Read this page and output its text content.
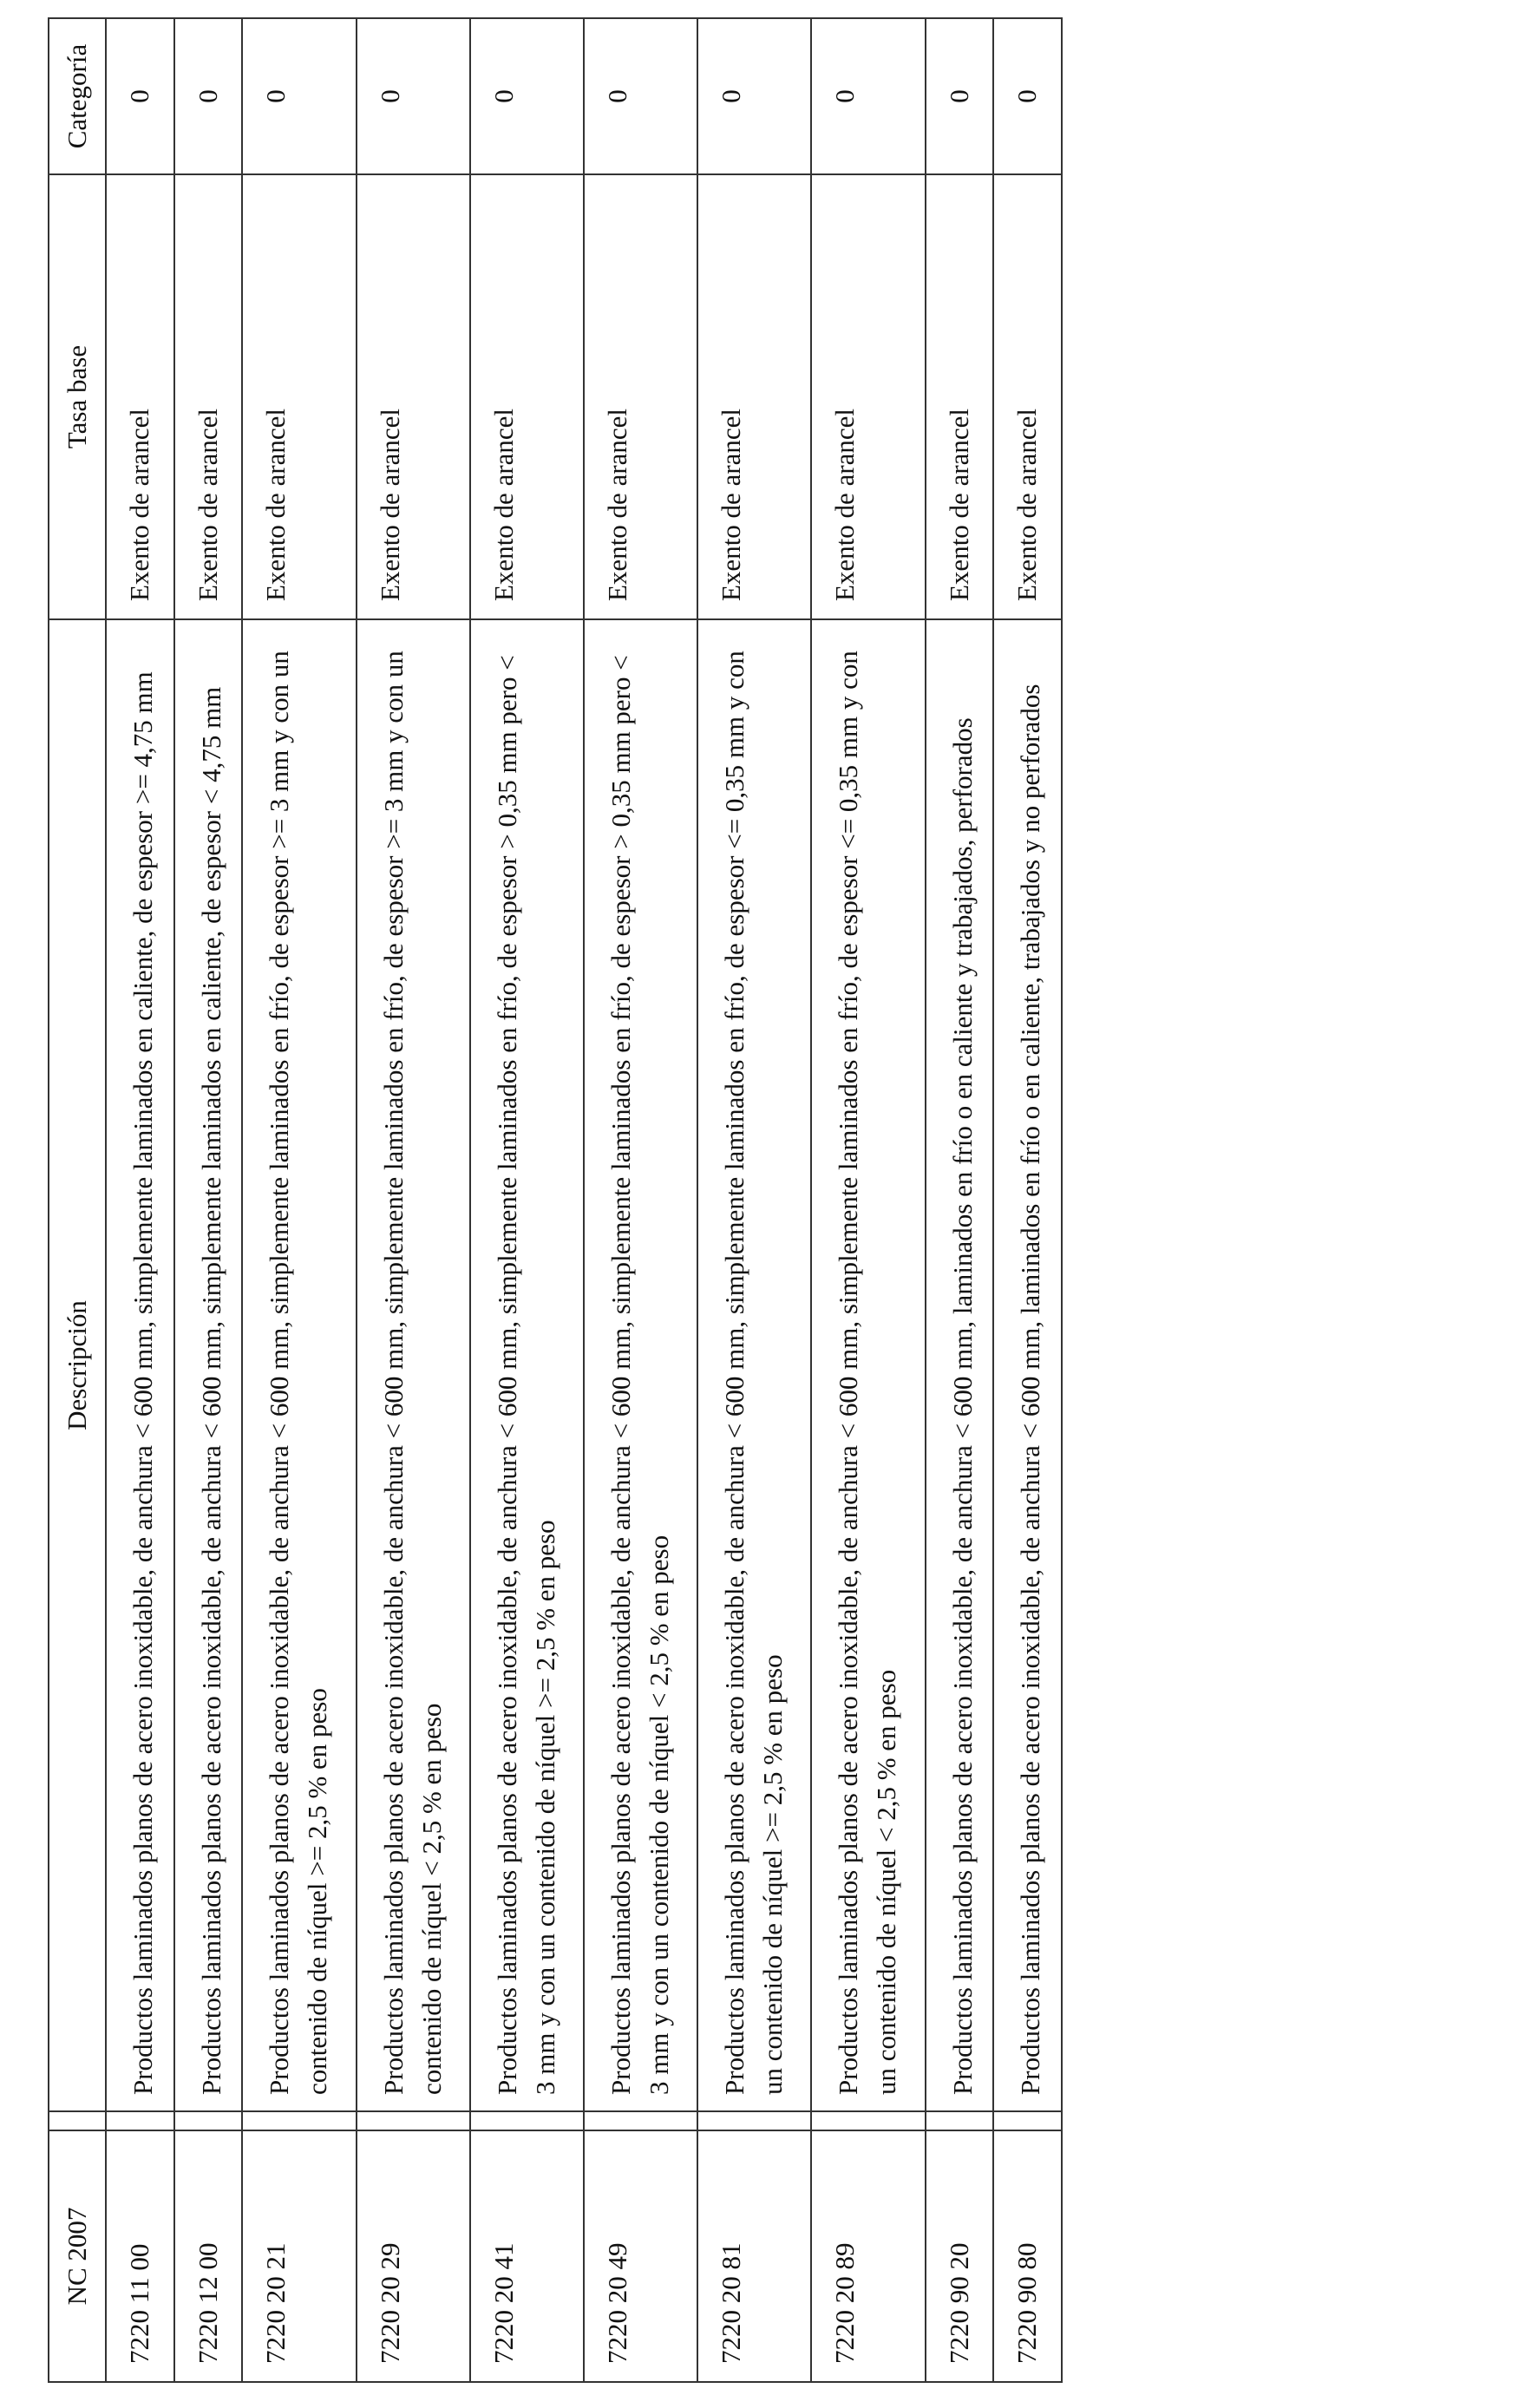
NC 2007		Descripción	Tasa base	Categoría
7220 11 00		Productos laminados planos de acero inoxidable, de anchura < 600 mm, simplemente laminados en caliente, de espesor >= 4,75 mm	Exento de arancel	0
7220 12 00		Productos laminados planos de acero inoxidable, de anchura < 600 mm, simplemente laminados en caliente, de espesor < 4,75 mm	Exento de arancel	0
7220 20 21		Productos laminados planos de acero inoxidable, de anchura < 600 mm, simplemente laminados en frío, de espesor >= 3 mm y con un contenido de níquel >= 2,5 % en peso	Exento de arancel	0
7220 20 29		Productos laminados planos de acero inoxidable, de anchura < 600 mm, simplemente laminados en frío, de espesor >= 3 mm y con un contenido de níquel < 2,5 % en peso	Exento de arancel	0
7220 20 41		Productos laminados planos de acero inoxidable, de anchura < 600 mm, simplemente laminados en frío, de espesor > 0,35 mm pero < 3 mm y con un contenido de níquel >= 2,5 % en peso	Exento de arancel	0
7220 20 49		Productos laminados planos de acero inoxidable, de anchura < 600 mm, simplemente laminados en frío, de espesor > 0,35 mm pero < 3 mm y con un contenido de níquel < 2,5 % en peso	Exento de arancel	0
7220 20 81		Productos laminados planos de acero inoxidable, de anchura < 600 mm, simplemente laminados en frío, de espesor <= 0,35 mm y con un contenido de níquel >= 2,5 % en peso	Exento de arancel	0
7220 20 89		Productos laminados planos de acero inoxidable, de anchura < 600 mm, simplemente laminados en frío, de espesor <= 0,35 mm y con un contenido de níquel < 2,5 % en peso	Exento de arancel	0
7220 90 20		Productos laminados planos de acero inoxidable, de anchura < 600 mm, laminados en frío o en caliente y trabajados, perforados	Exento de arancel	0
7220 90 80		Productos laminados planos de acero inoxidable, de anchura < 600 mm, laminados en frío o en caliente, trabajados y no perforados	Exento de arancel	0
